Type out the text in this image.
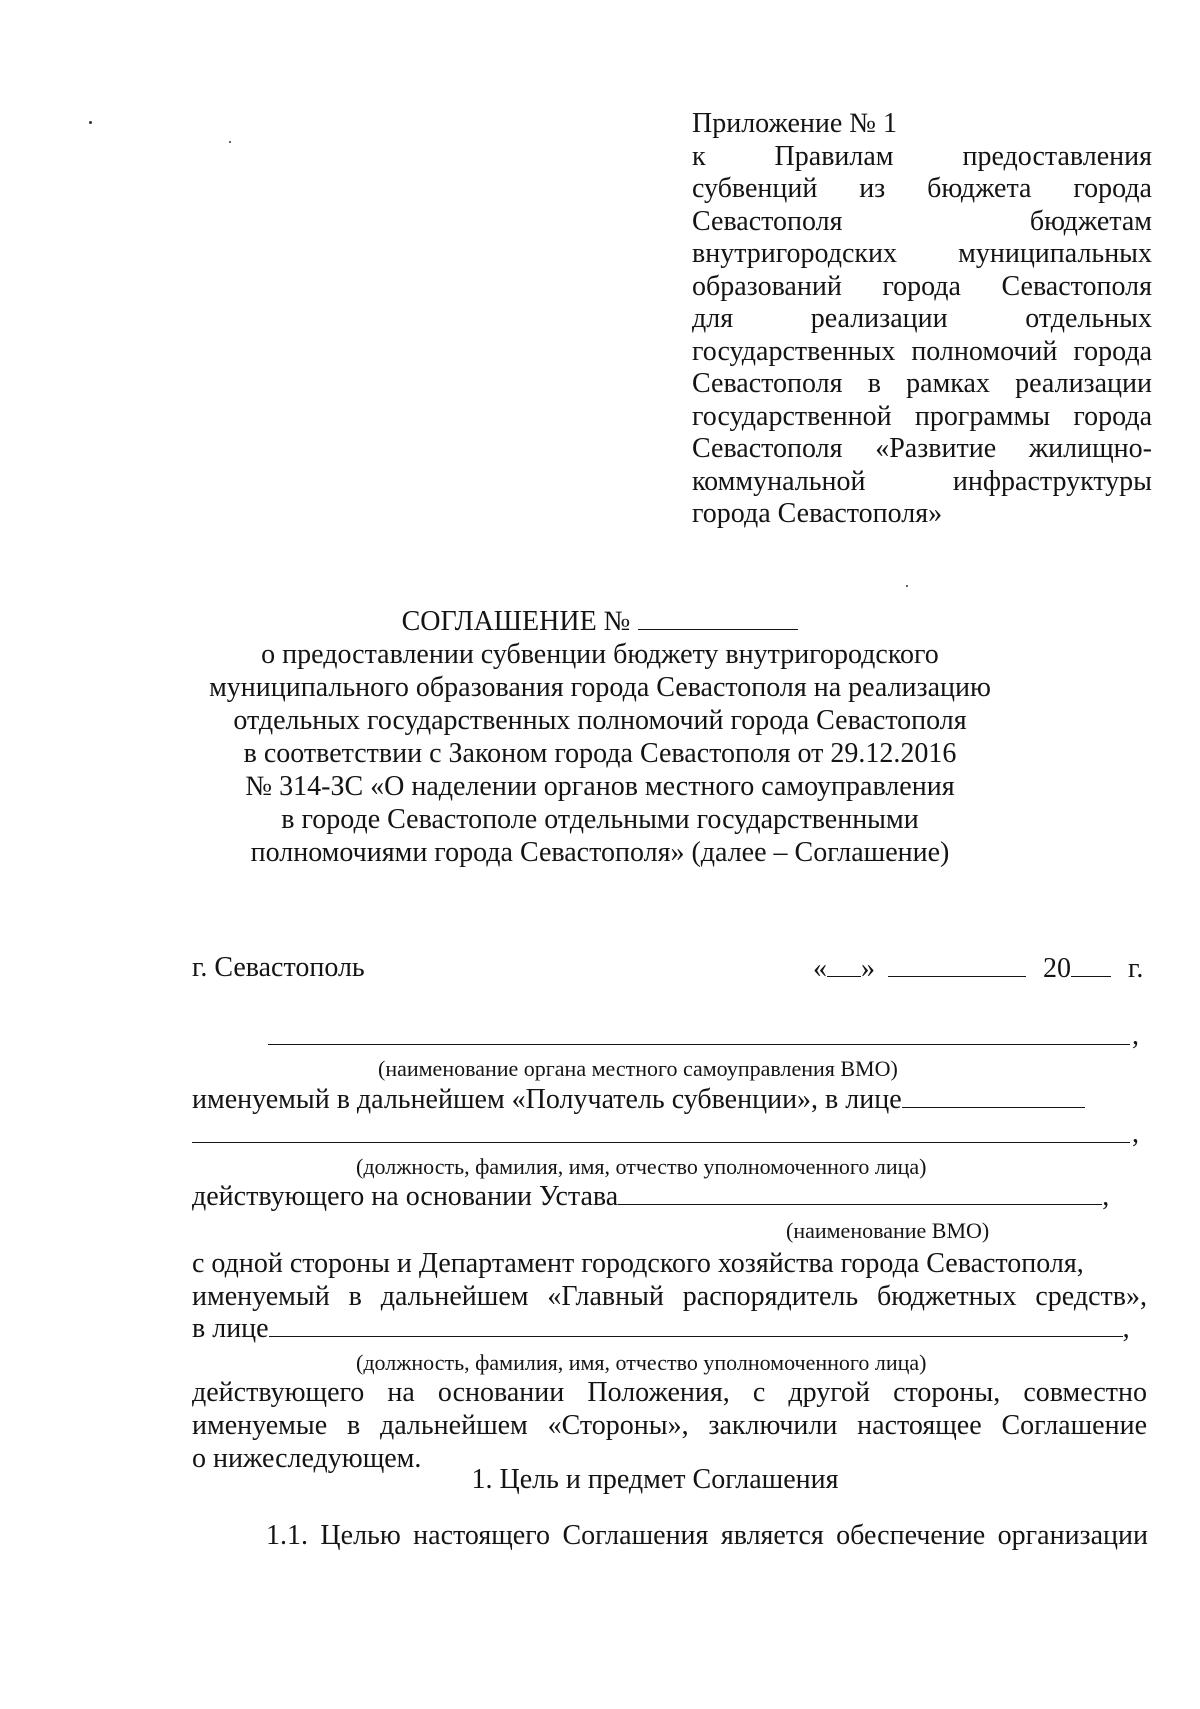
Приложение № 1
к Правилам предоставления
субвенций из бюджета города
Севастополя бюджетам
внутригородских муниципальных
образований города Севастополя
для реализации отдельных
государственных полномочий города
Севастополя в рамках реализации
государственной программы города
Севастополя «Развитие жилищно-
коммунальной инфраструктуры
города Севастополя»
СОГЛАШЕНИЕ №
о предоставлении субвенции бюджету внутригородского
муниципального образования города Севастополя на реализацию
отдельных государственных полномочий города Севастополя
в соответствии с Законом города Севастополя от 29.12.2016
№ 314-ЗС «О наделении органов местного самоуправления
в городе Севастополе отдельными государственными
полномочиями города Севастополя» (далее – Соглашение)
г. Севастополь	« »	20 г.
,
(наименование органа местного самоуправления ВМО)
именуемый в дальнейшем «Получатель субвенции», в лице
,
(должность, фамилия, имя, отчество уполномоченного лица)
действующего на основании Устава	,
(наименование ВМО)
с одной стороны и Департамент городского хозяйства города Севастополя,
именуемый в дальнейшем «Главный распорядитель бюджетных средств»,
в лице	,
(должность, фамилия, имя, отчество уполномоченного лица)
действующего на основании Положения, с другой стороны, совместно
именуемые в дальнейшем «Стороны», заключили настоящее Соглашение
о нижеследующем.
1. Цель и предмет Соглашения
1.1. Целью настоящего Соглашения является обеспечение организации
